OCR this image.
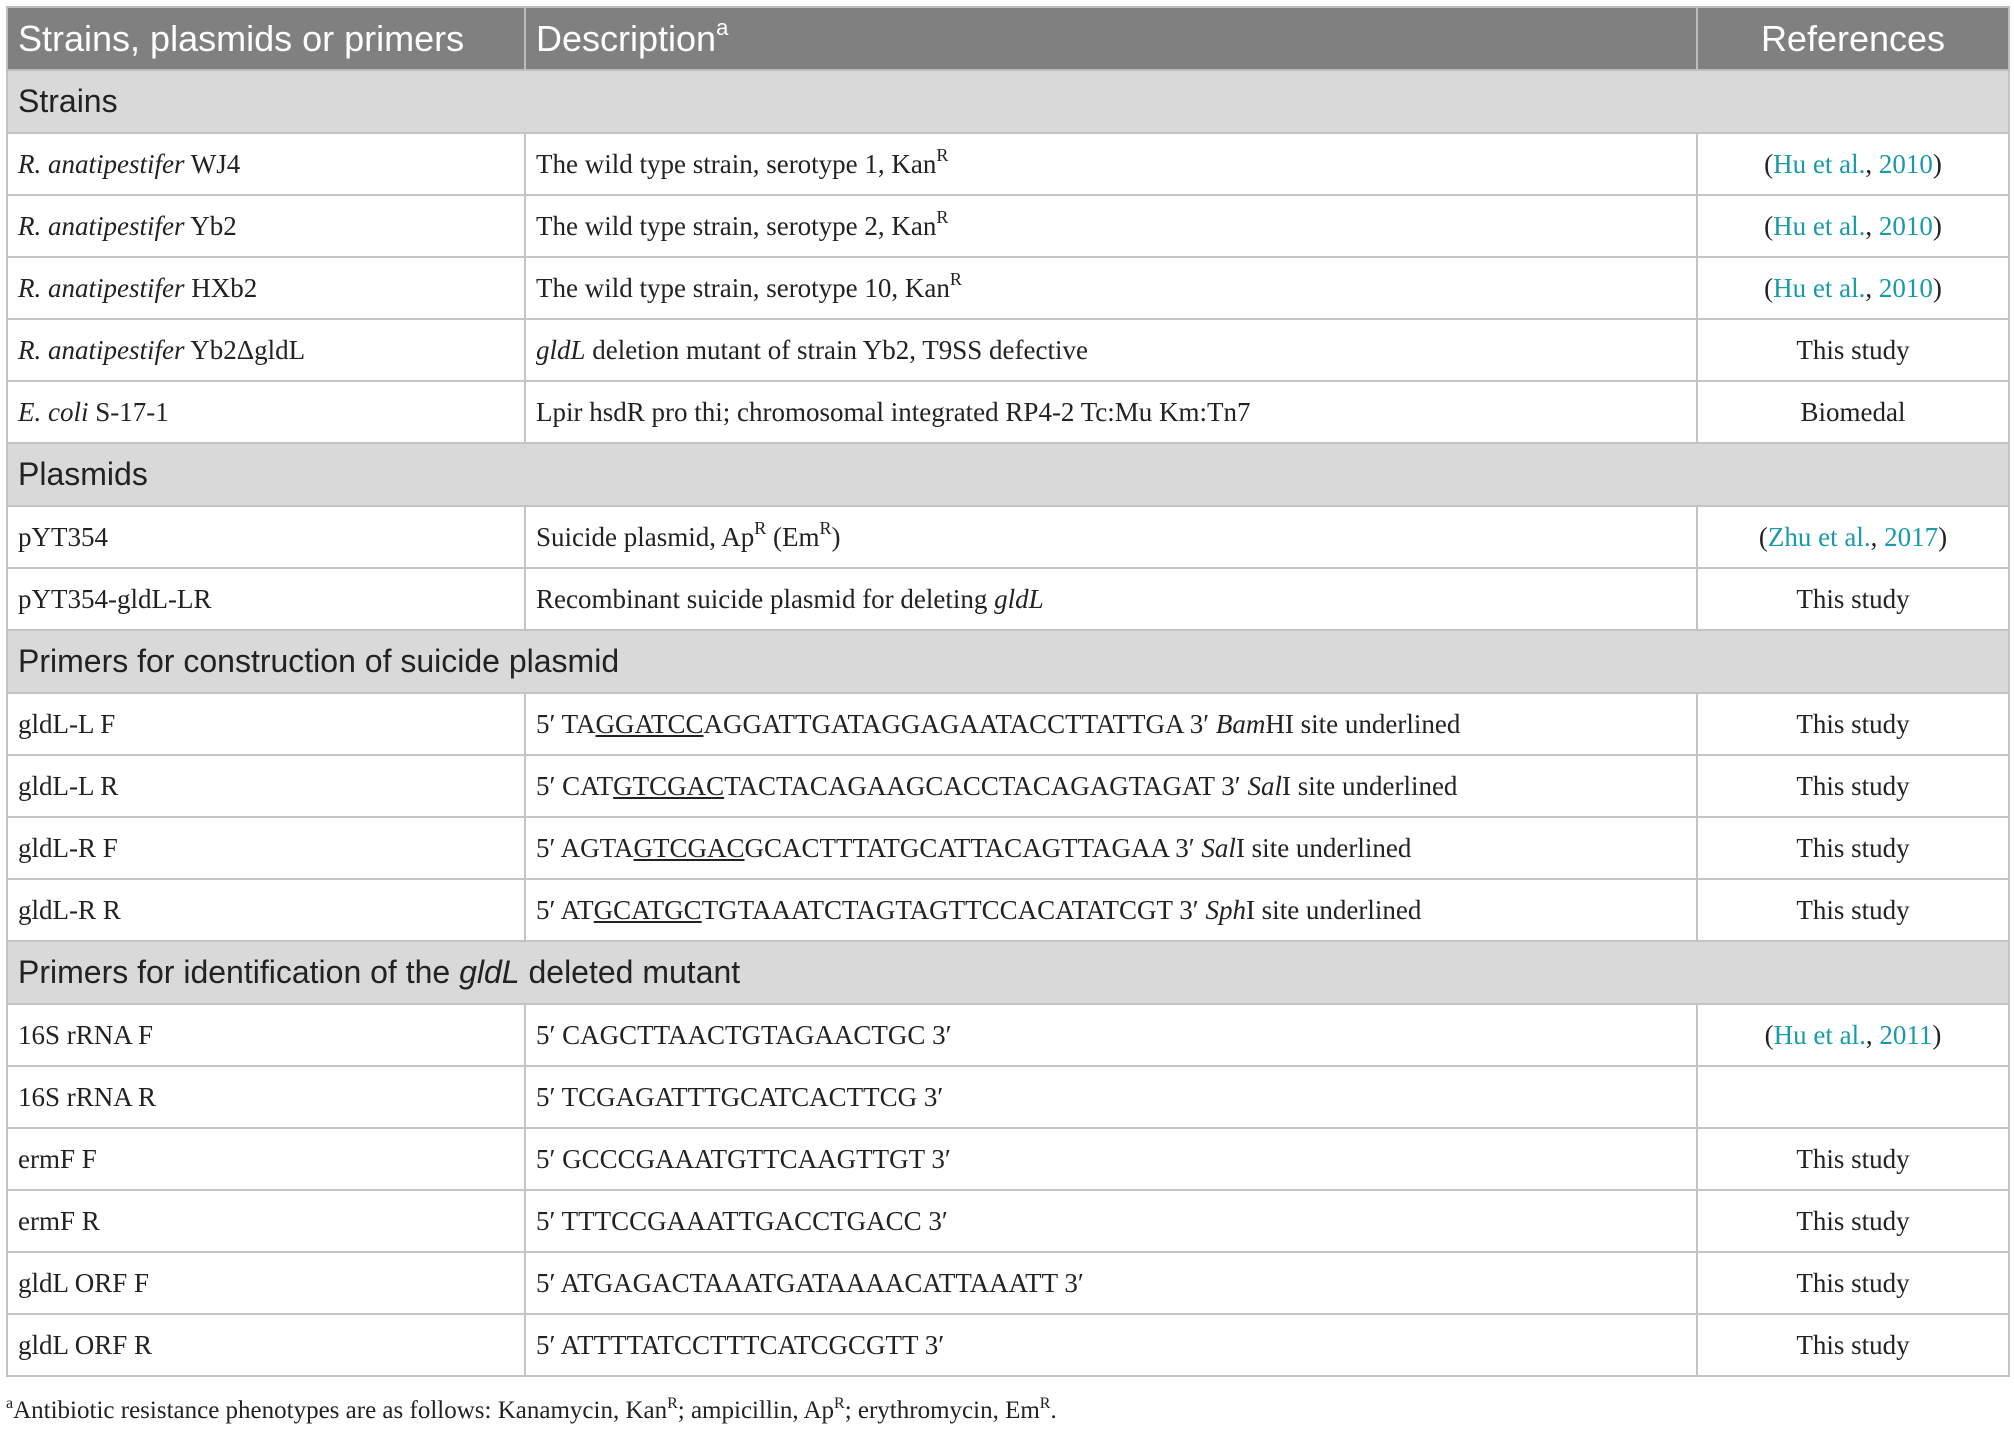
Strains, plasmids or primers	Description$^a$	References
Strains		
R. anatipestifer WJ4	The wild type strain, serotype 1, Kan$^R$	(Hu et al., 2010)
R. anatipestifer Yb2	The wild type strain, serotype 2, Kan$^R$	(Hu et al., 2010)
R. anatipestifer HXb2	The wild type strain, serotype 10, Kan$^R$	(Hu et al., 2010)
R. anatipestifer Yb2ΔgldL	gldL deletion mutant of strain Yb2, T9SS defective	This study
E. coli S-17-1	Lpir hsdR pro thi; chromosomal integrated RP4-2 Tc:Mu Km:Tn7	Biomedal
Plasmids		
pYT354	Suicide plasmid, $Ap^R$ $(Em^R)$	(Zhu et al., 2017)
pYT354-gldL-LR	Recombinant suicide plasmid for deleting gldL	This study
Primers for construction of suicide plasmid		
gldL-L F	5′ TAGGATCCAGGATTGATAGGAGAATACCTTATTGA 3′ BamHI site underlined	This study
gldL-L R	5′ CATGTCGACTACTACAGAAGCACCTACAGAGTAGAT 3′ SalI site underlined	This study
gldL-R F	5′ AGTAGTCGACGCACTTTATGCATTACAGTTAGAA 3′ SalI site underlined	This study
gldL-R R	5′ ATGCATGCTGTAAATCTAGTAGTTCCACATATCGT 3′ SphI site underlined	This study
Primers for identification of the gldL deleted mutant		
16S rRNA F	5′ CAGCTTAACTGTAGAACTGC 3′	(Hu et al., 2011)
16S rRNA R	5′ TCGAGATTTGCATCACTTCG 3′	
ermF F	5′ GCCCGAAATGTTCAAGTTGT 3′	This study
ermF R	5′ TTTCCGAAATTGACCTGACC 3′	This study
gldL ORF F	5′ ATGAGACTAAATGATAAAACATTAAATT 3′	This study
gldL ORF R	5′ ATTTTATCCTTTCATCGCGTT 3′	This study
$^a$Antibiotic resistance phenotypes are as follows: Kanamycin, Kan$^R$; ampicillin, $Ap^R$; erythromycin, $Em^R$.
